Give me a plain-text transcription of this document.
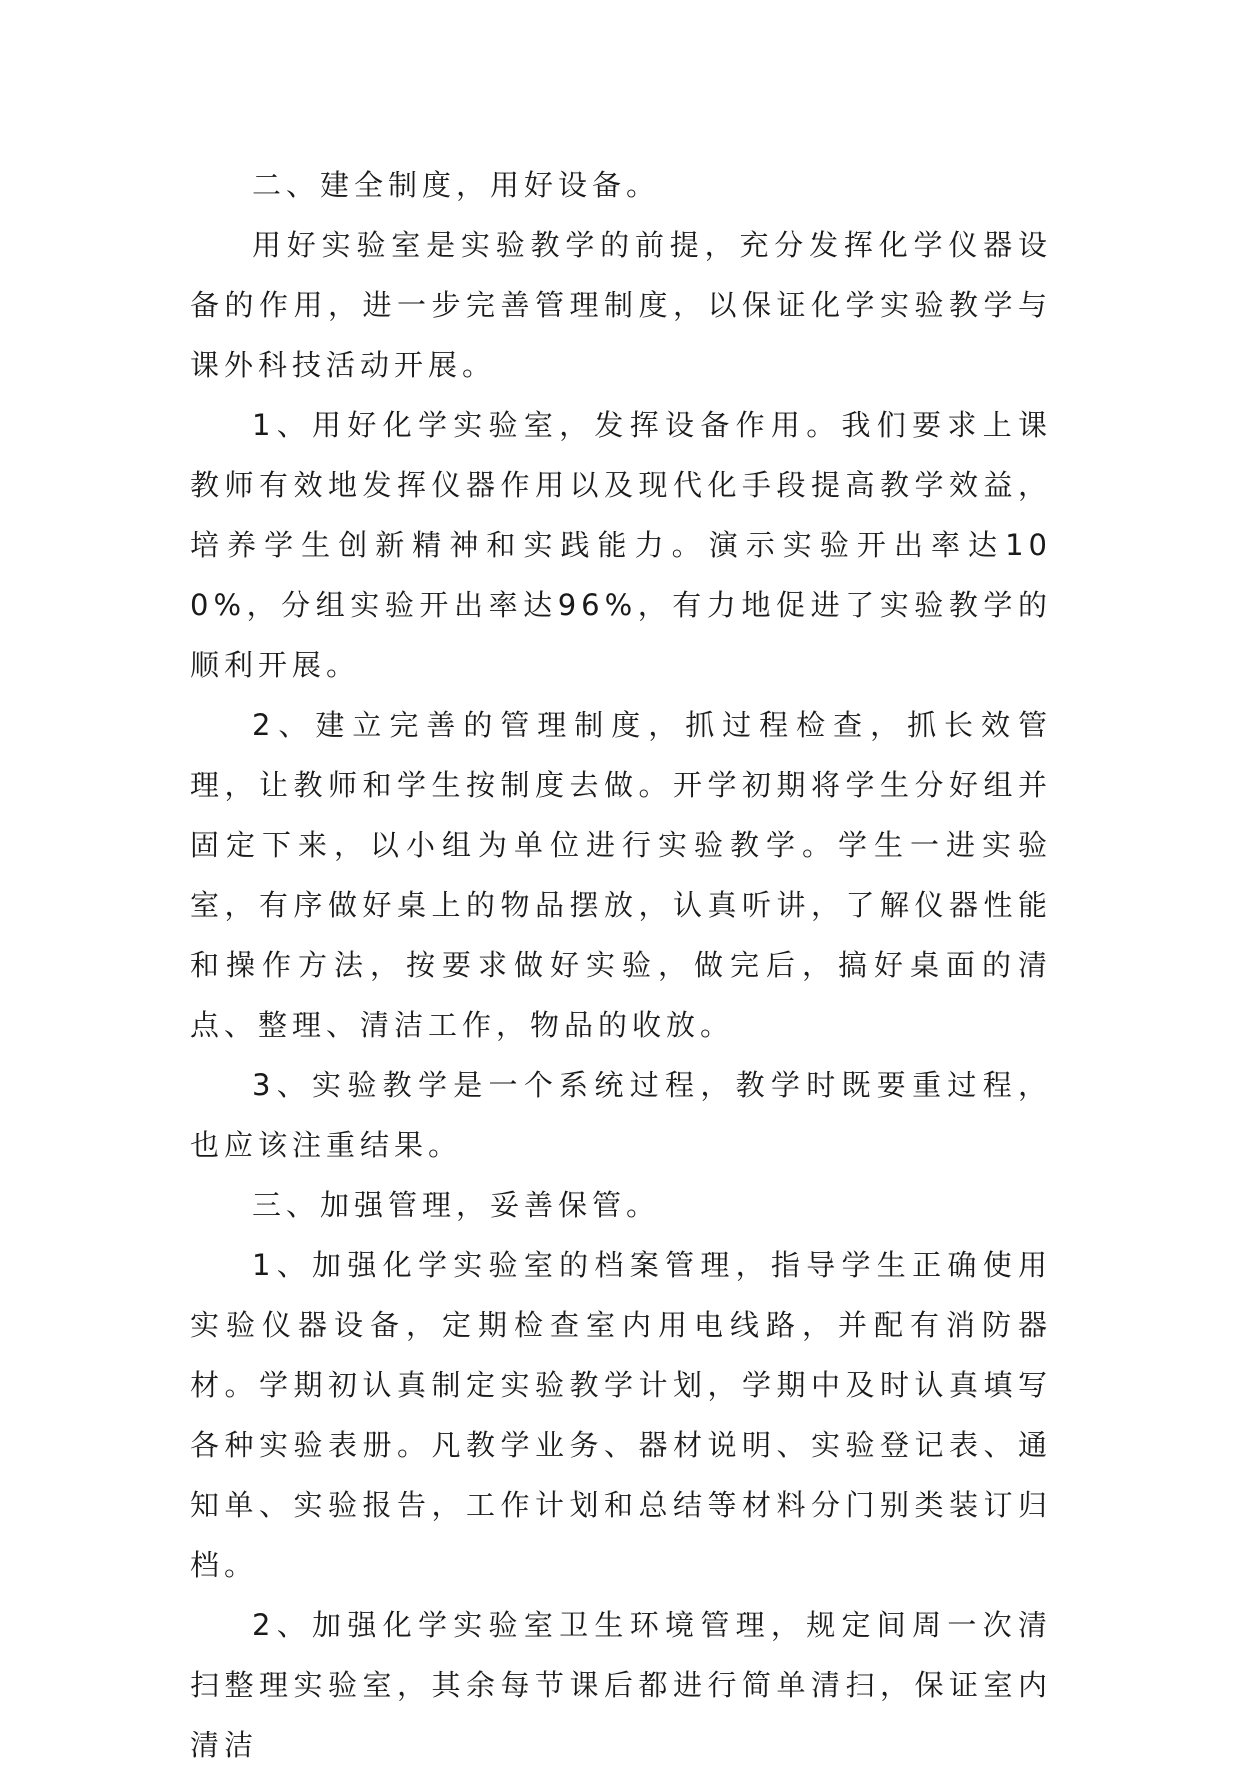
二、建全制度，用好设备。

用好实验室是实验教学的前提，充分发挥化学仪器设备的作用，进一步完善管理制度，以保证化学实验教学与课外科技活动开展。

1、用好化学实验室，发挥设备作用。我们要求上课教师有效地发挥仪器作用以及现代化手段提高教学效益，培养学生创新精神和实践能力。演示实验开出率达100%，分组实验开出率达96%，有力地促进了实验教学的顺利开展。

2、建立完善的管理制度，抓过程检查，抓长效管理，让教师和学生按制度去做。开学初期将学生分好组并固定下来，以小组为单位进行实验教学。学生一进实验室，有序做好桌上的物品摆放，认真听讲，了解仪器性能和操作方法，按要求做好实验，做完后，搞好桌面的清点、整理、清洁工作，物品的收放。

3、实验教学是一个系统过程，教学时既要重过程，也应该注重结果。

三、加强管理，妥善保管。

1、加强化学实验室的档案管理，指导学生正确使用实验仪器设备，定期检查室内用电线路，并配有消防器材。学期初认真制定实验教学计划，学期中及时认真填写各种实验表册。凡教学业务、器材说明、实验登记表、通知单、实验报告，工作计划和总结等材料分门别类装订归档。

2、加强化学实验室卫生环境管理，规定间周一次清扫整理实验室，其余每节课后都进行简单清扫，保证室内清洁
